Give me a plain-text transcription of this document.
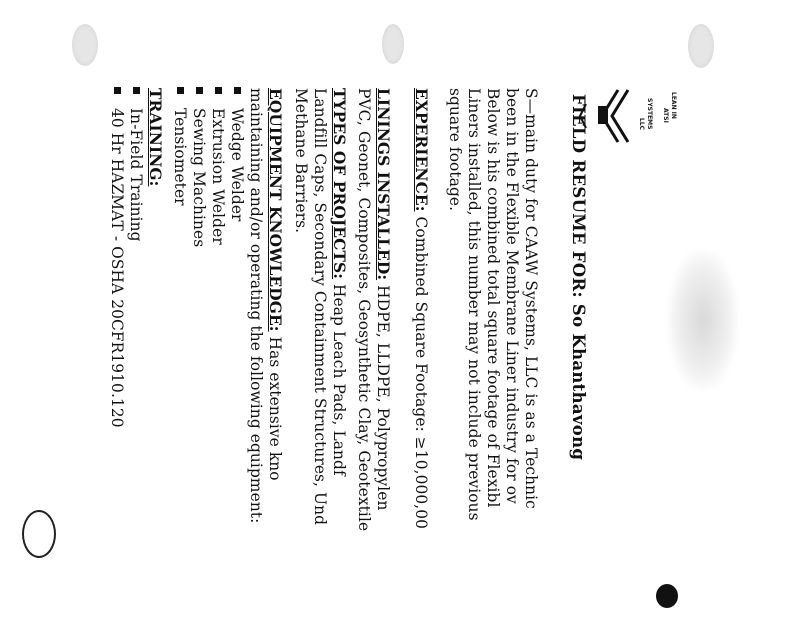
LEAN IN
ATSI
SYSTEMS
LLC
FIELD RESUME FOR: So Khanthavong
S—main duty for CAAW Systems, LLC is as a Technic
been in the Flexible Membrane Liner industry for ov
Below is his combined total square footage of Flexibl
Liners installed, this number may not include previous
square footage.
EXPERIENCE: Combined Square Footage: ≥10,000,00
LININGS INSTALLED: HDPE, LLDPE, Polypropylen
PVC, Geonet, Composites, Geosynthetic Clay, Geotextile
TYPES OF PROJECTS: Heap Leach Pads, Landf
Landfill Caps, Secondary Containment Structures, Und
Methane Barriers.
EQUIPMENT KNOWLEDGE: Has extensive kno
maintaining and/or operating the following equipment:
Wedge Welder
Extrusion Welder
Sewing Machines
Tensiometer
TRAINING:
In-Field Training
40 Hr HAZMAT - OSHA 20CFR1910.120
